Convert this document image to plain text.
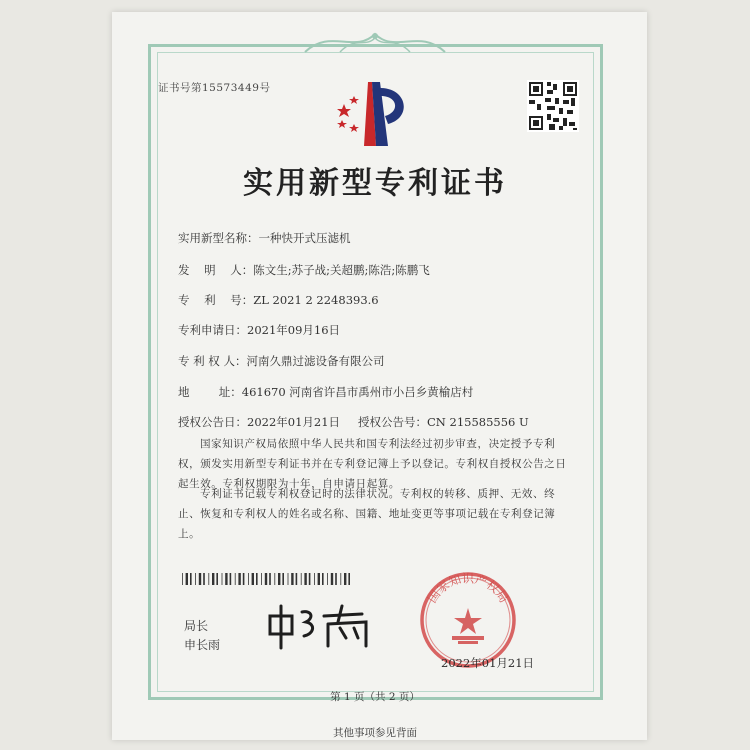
证书号第15573449号
实用新型专利证书
实用新型名称：一种快开式压滤机
发    明    人：陈文生;苏子战;关超鹏;陈浩;陈鹏飞
专    利    号：ZL 2021 2 2248393.6
专利申请日：2021年09月16日
专 利 权 人：河南久鼎过滤设备有限公司
地        址：461670 河南省许昌市禹州市小吕乡黄榆店村
授权公告日：2022年01月21日 授权公告号：CN 215585556 U
国家知识产权局依照中华人民共和国专利法经过初步审查，决定授予专利权，颁发实用新型专利证书并在专利登记簿上予以登记。专利权自授权公告之日起生效。专利权期限为十年，自申请日起算。
专利证书记载专利权登记时的法律状况。专利权的转移、质押、无效、终止、恢复和专利权人的姓名或名称、国籍、地址变更等事项记载在专利登记簿上。
局长
申长雨
国家知识产权局
2022年01月21日
第 1 页（共 2 页）
其他事项参见背面
